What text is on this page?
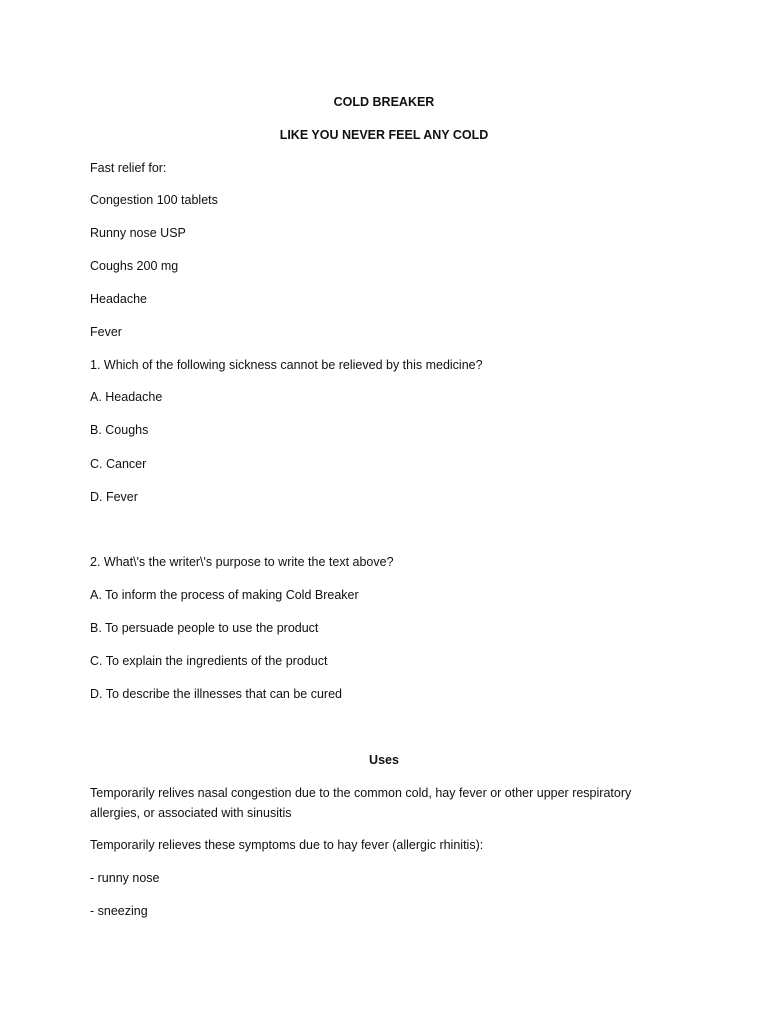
COLD BREAKER
LIKE YOU NEVER FEEL ANY COLD
Fast relief for:
Congestion 100 tablets
Runny nose USP
Coughs 200 mg
Headache
Fever
1. Which of the following sickness cannot be relieved by this medicine?
A. Headache
B. Coughs
C. Cancer
D. Fever
2. What\'s the writer\'s purpose to write the text above?
A. To inform the process of making Cold Breaker
B. To persuade people to use the product
C. To explain the ingredients of the product
D. To describe the illnesses that can be cured
Uses
Temporarily relives nasal congestion due to the common cold, hay fever or other upper respiratory allergies, or associated with sinusitis
Temporarily relieves these symptoms due to hay fever (allergic rhinitis):
- runny nose
- sneezing
